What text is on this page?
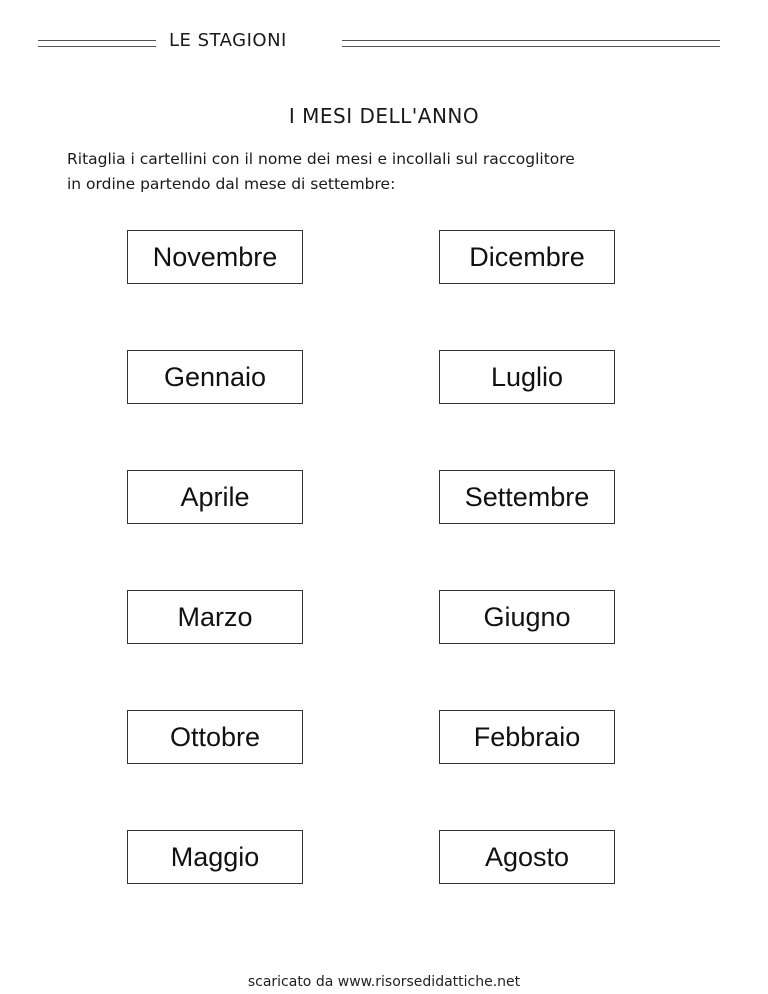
LE STAGIONI
I MESI DELL'ANNO
Ritaglia i cartellini con il nome dei mesi e incollali sul raccoglitore
in ordine partendo dal mese di settembre:
Novembre	Dicembre
Gennaio	Luglio
Aprile	Settembre
Marzo	Giugno
Ottobre	Febbraio
Maggio	Agosto
scaricato da www.risorsedidattiche.net
